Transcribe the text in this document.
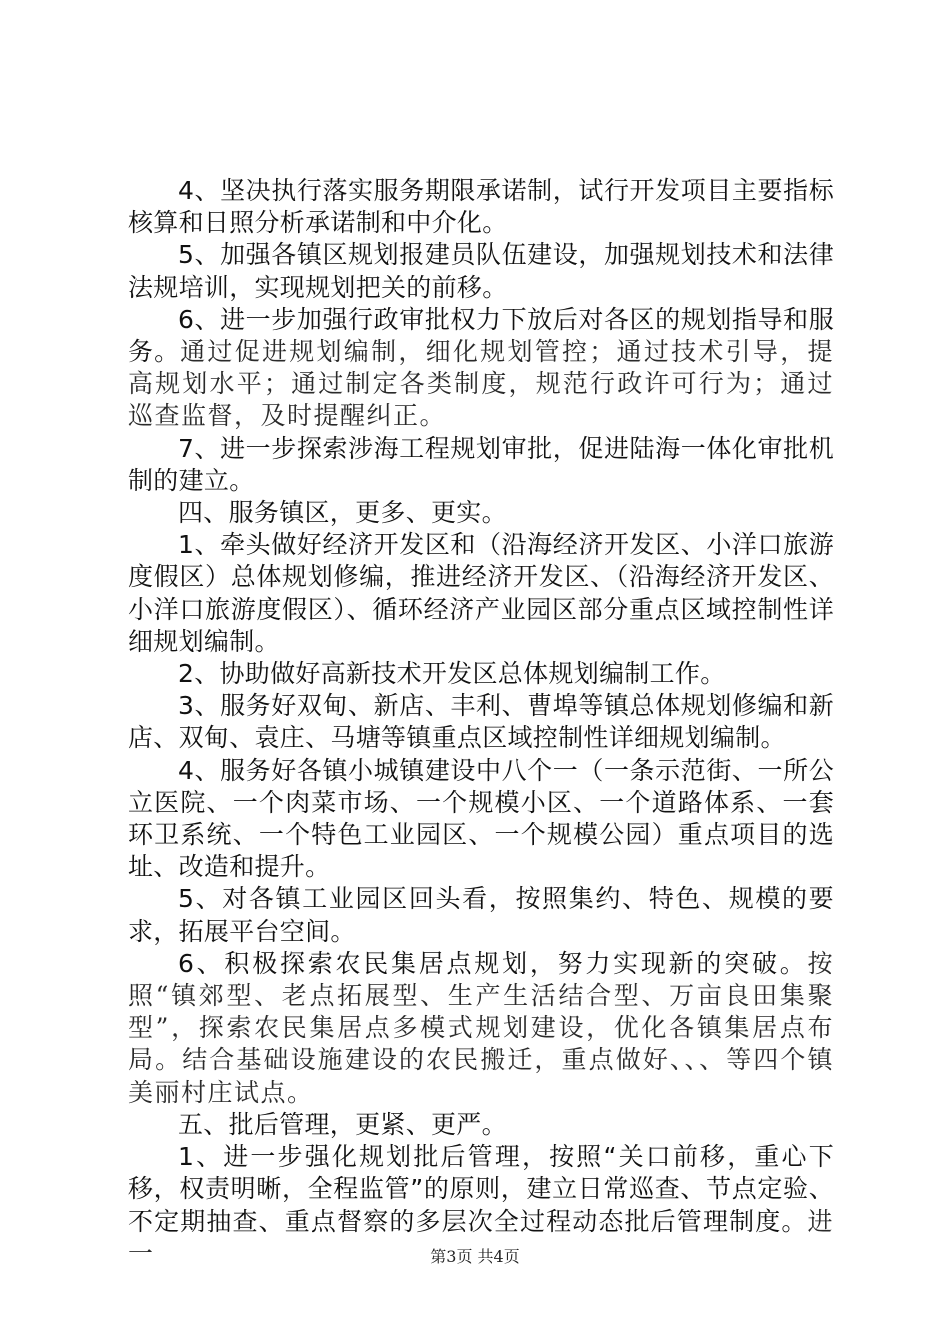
4、坚决执行落实服务期限承诺制，试行开发项目主要指标核算和日照分析承诺制和中介化。

5、加强各镇区规划报建员队伍建设，加强规划技术和法律法规培训，实现规划把关的前移。

6、进一步加强行政审批权力下放后对各区的规划指导和服务。通过促进规划编制，细化规划管控；通过技术引导，提高规划水平；通过制定各类制度，规范行政许可行为；通过巡查监督，及时提醒纠正。

7、进一步探索涉海工程规划审批，促进陆海一体化审批机制的建立。

四、服务镇区，更多、更实。

1、牵头做好经济开发区和（沿海经济开发区、小洋口旅游度假区）总体规划修编，推进经济开发区、（沿海经济开发区、小洋口旅游度假区）、循环经济产业园区部分重点区域控制性详细规划编制。

2、协助做好高新技术开发区总体规划编制工作。

3、服务好双甸、新店、丰利、曹埠等镇总体规划修编和新店、双甸、袁庄、马塘等镇重点区域控制性详细规划编制。

4、服务好各镇小城镇建设中八个一（一条示范街、一所公立医院、一个肉菜市场、一个规模小区、一个道路体系、一套环卫系统、一个特色工业园区、一个规模公园）重点项目的选址、改造和提升。

5、对各镇工业园区回头看，按照集约、特色、规模的要求，拓展平台空间。

6、积极探索农民集居点规划，努力实现新的突破。按照“镇郊型、老点拓展型、生产生活结合型、万亩良田集聚型”，探索农民集居点多模式规划建设，优化各镇集居点布局。结合基础设施建设的农民搬迁，重点做好、、、等四个镇美丽村庄试点。

五、批后管理，更紧、更严。

1、进一步强化规划批后管理，按照“关口前移，重心下移，权责明晰，全程监管”的原则，建立日常巡查、节点定验、不定期抽查、重点督察的多层次全过程动态批后管理制度。进一	第3页 共4页
